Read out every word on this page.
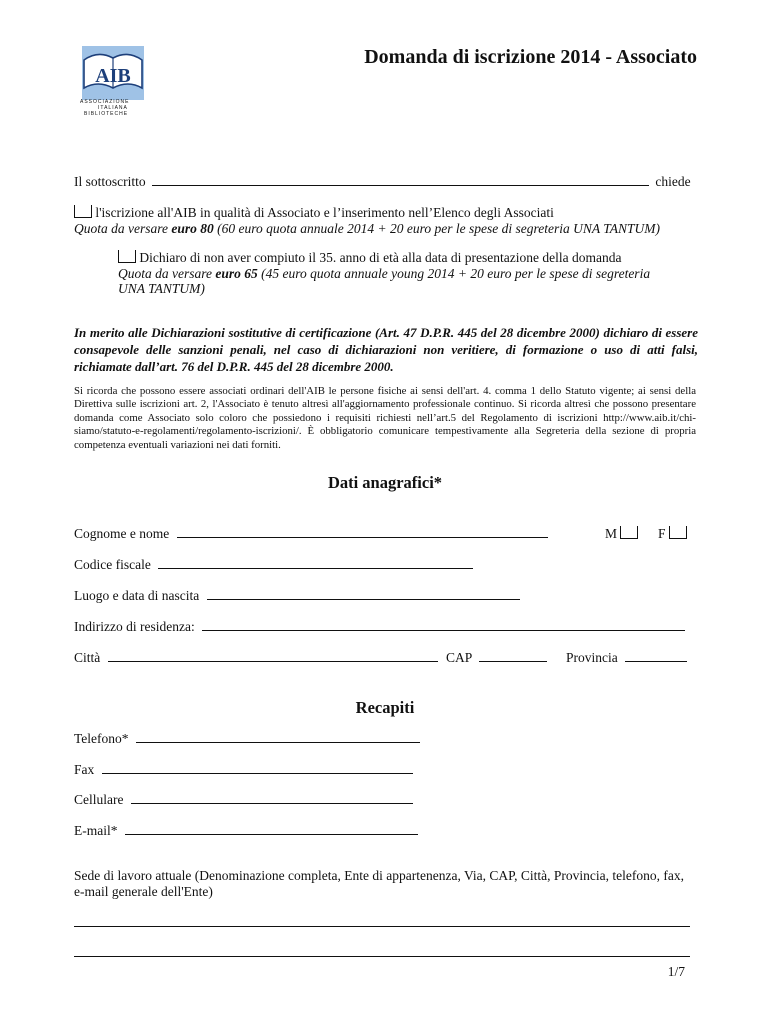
AIB
ASSOCIAZIONE
ITALIANA
BIBLIOTECHE
Domanda di iscrizione 2014 - Associato
Il sottoscritto	chiede
l'iscrizione all'AIB in qualità di Associato e l’inserimento nell’Elenco degli Associati
Quota da versare euro 80 (60 euro quota annuale 2014 + 20 euro per le spese di segreteria UNA TANTUM)
Dichiaro di non aver compiuto il 35. anno di età alla data di presentazione della domanda
Quota da versare euro 65 (45 euro quota annuale young 2014 + 20 euro per le spese di segreteria
UNA TANTUM)
In merito alle Dichiarazioni sostitutive di certificazione (Art. 47 D.P.R. 445 del 28 dicembre 2000) dichiaro di essere consapevole delle sanzioni penali, nel caso di dichiarazioni non veritiere, di formazione o uso di atti falsi, richiamate dall’art. 76 del D.P.R. 445 del 28 dicembre 2000.
Si ricorda che possono essere associati ordinari dell'AIB le persone fisiche ai sensi dell'art. 4. comma 1 dello Statuto vigente; ai sensi della Direttiva sulle iscrizioni art. 2, l'Associato è tenuto altresì all'aggiornamento professionale continuo. Si ricorda altresì che possono presentare domanda come Associato solo coloro che possiedono i requisiti richiesti nell’art.5 del Regolamento di iscrizioni http://www.aib.it/chi-siamo/statuto-e-regolamenti/regolamento-iscrizioni/. È obbligatorio comunicare tempestivamente alla Segreteria della sezione di propria competenza eventuali variazioni nei dati forniti.
Dati anagrafici*
Cognome e nome	M	F
Codice fiscale
Luogo e data di nascita
Indirizzo di residenza:
Città	CAP	Provincia
Recapiti
Telefono*
Fax
Cellulare
E-mail*
Sede di lavoro attuale (Denominazione completa, Ente di appartenenza, Via, CAP, Città, Provincia, telefono, fax, e-mail generale dell'Ente)
1/7
